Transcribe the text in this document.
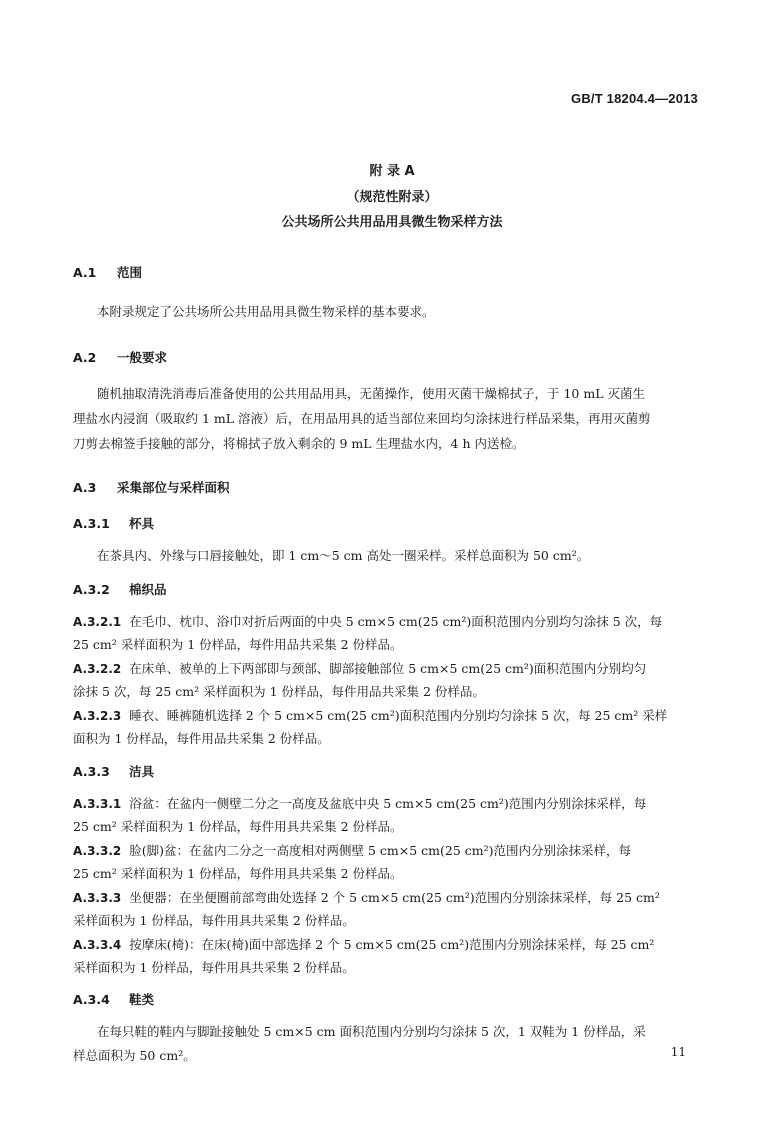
GB/T 18204.4—2013
附 录 A
（规范性附录）
公共场所公共用品用具微生物采样方法
A.1 范围
本附录规定了公共场所公共用品用具微生物采样的基本要求。
A.2 一般要求
随机抽取清洗消毒后准备使用的公共用品用具，无菌操作，使用灭菌干燥棉拭子，于 10 mL 灭菌生
理盐水内浸润（吸取约 1 mL 溶液）后，在用品用具的适当部位来回均匀涂抹进行样品采集，再用灭菌剪
刀剪去棉签手接触的部分，将棉拭子放入剩余的 9 mL 生理盐水内，4 h 内送检。
A.3 采集部位与采样面积
A.3.1 杯具
在茶具内、外缘与口唇接触处，即 1 cm～5 cm 高处一圈采样。采样总面积为 50 cm²。
A.3.2 棉织品
A.3.2.1 在毛巾、枕巾、浴巾对折后两面的中央 5 cm×5 cm(25 cm²)面积范围内分别均匀涂抹 5 次，每
25 cm² 采样面积为 1 份样品，每件用品共采集 2 份样品。
A.3.2.2 在床单、被单的上下两部即与颈部、脚部接触部位 5 cm×5 cm(25 cm²)面积范围内分别均匀
涂抹 5 次，每 25 cm² 采样面积为 1 份样品，每件用品共采集 2 份样品。
A.3.2.3 睡衣、睡裤随机选择 2 个 5 cm×5 cm(25 cm²)面积范围内分别均匀涂抹 5 次，每 25 cm² 采样
面积为 1 份样品，每件用品共采集 2 份样品。
A.3.3 洁具
A.3.3.1 浴盆：在盆内一侧壁二分之一高度及盆底中央 5 cm×5 cm(25 cm²)范围内分别涂抹采样，每
25 cm² 采样面积为 1 份样品，每件用具共采集 2 份样品。
A.3.3.2 脸(脚)盆：在盆内二分之一高度相对两侧壁 5 cm×5 cm(25 cm²)范围内分别涂抹采样，每
25 cm² 采样面积为 1 份样品，每件用具共采集 2 份样品。
A.3.3.3 坐便器：在坐便圈前部弯曲处选择 2 个 5 cm×5 cm(25 cm²)范围内分别涂抹采样，每 25 cm²
采样面积为 1 份样品，每件用具共采集 2 份样品。
A.3.3.4 按摩床(椅)：在床(椅)面中部选择 2 个 5 cm×5 cm(25 cm²)范围内分别涂抹采样，每 25 cm²
采样面积为 1 份样品，每件用具共采集 2 份样品。
A.3.4 鞋类
在每只鞋的鞋内与脚趾接触处 5 cm×5 cm 面积范围内分别均匀涂抹 5 次，1 双鞋为 1 份样品，采
样总面积为 50 cm²。	11
